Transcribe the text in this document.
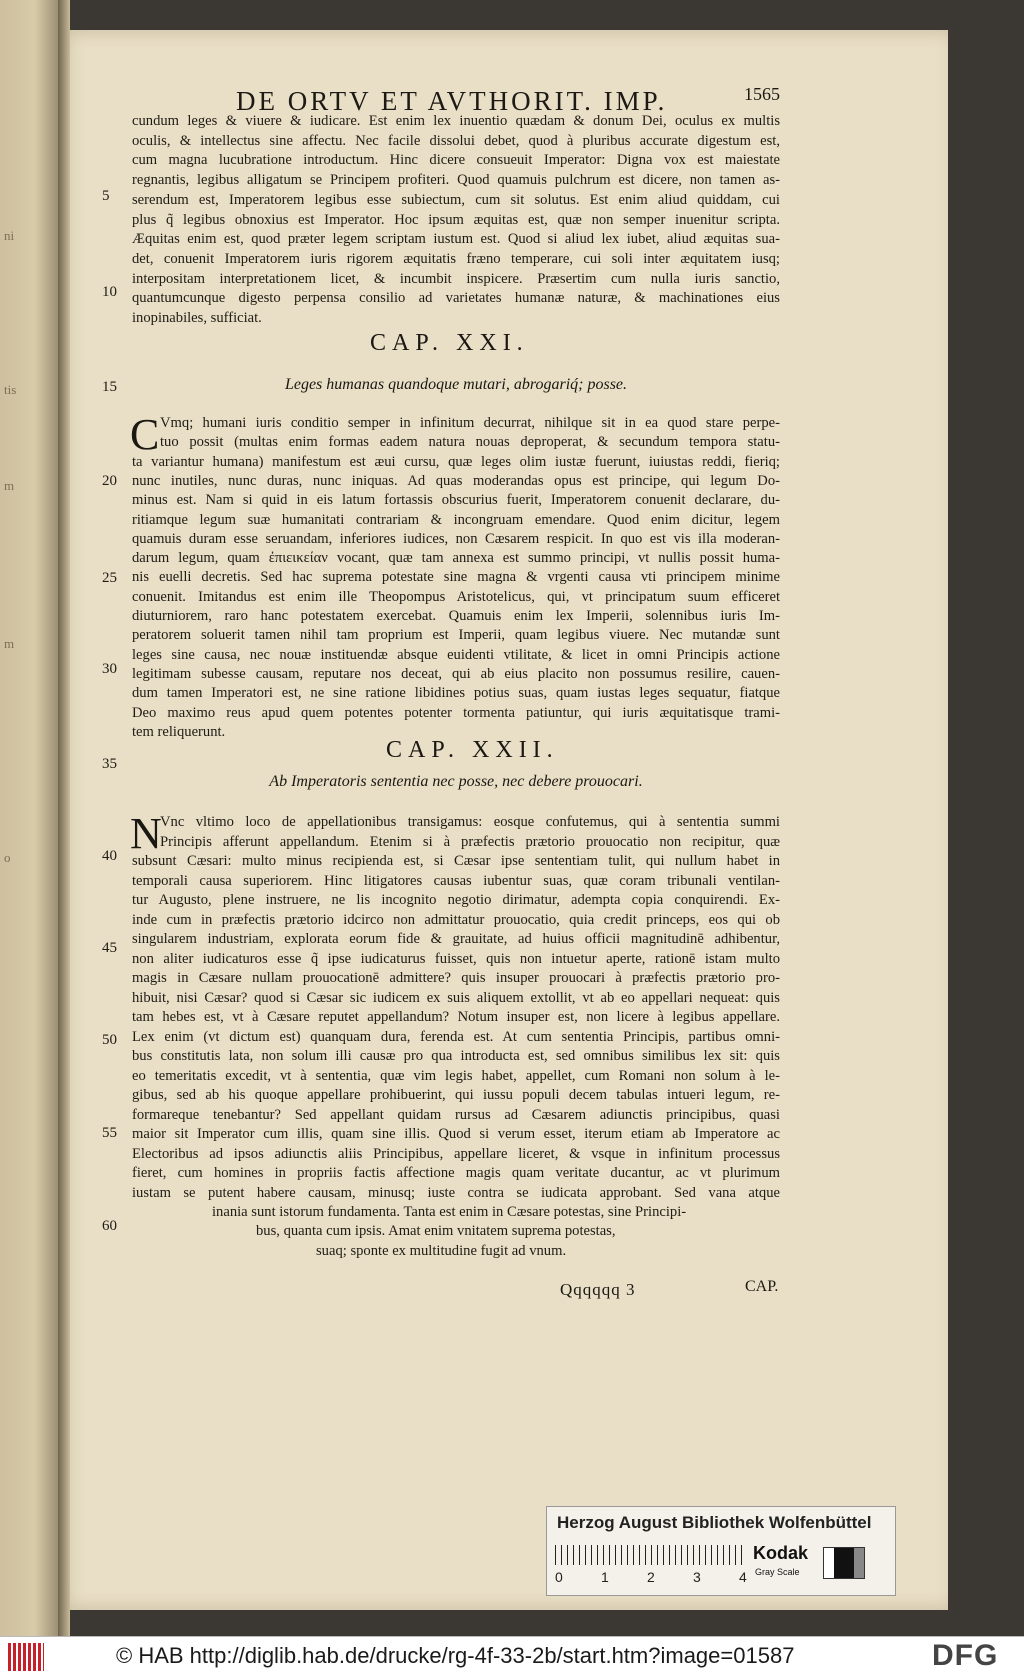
ni
tis
m
m
o
DE ORTV ET AVTHORIT. IMP.	1565
cundum leges & viuere & iudicare. Est enim lex inuentio quædam & donum Dei, oculus ex multis
oculis, & intellectus sine affectu. Nec facile dissolui debet, quod à pluribus accurate digestum est,
cum magna lucubratione introductum. Hinc dicere consueuit Imperator: Digna vox est maiestate
regnantis, legibus alligatum se Principem profiteri. Quod quamuis pulchrum est dicere, non tamen as-
serendum est, Imperatorem legibus esse subiectum, cum sit solutus. Est enim aliud quiddam, cui
plus q̃ legibus obnoxius est Imperator. Hoc ipsum æquitas est, quæ non semper inuenitur scripta.
Æquitas enim est, quod præter legem scriptam iustum est. Quod si aliud lex iubet, aliud æquitas sua-
det, conuenit Imperatorem iuris rigorem æquitatis fræno temperare, cui soli inter æquitatem iusq;
interpositam interpretationem licet, & incumbit inspicere. Præsertim cum nulla iuris sanctio,
quantumcunque digesto perpensa consilio ad varietates humanæ naturæ, & machinationes eius
inopinabiles, sufficiat.
CAP. XXI.
Leges humanas quandoque mutari, abrogariq́; posse.
C Vmq; humani iuris conditio semper in infinitum decurrat, nihilque sit in ea quod stare perpe-
tuo possit (multas enim formas eadem natura nouas deproperat, & secundum tempora statu-
ta variantur humana) manifestum est æui cursu, quæ leges olim iustæ fuerunt, iuiustas reddi, fieriq;
nunc inutiles, nunc duras, nunc iniquas. Ad quas moderandas opus est principe, qui legum Do-
minus est. Nam si quid in eis latum fortassis obscurius fuerit, Imperatorem conuenit declarare, du-
ritiamque legum suæ humanitati contrariam & incongruam emendare. Quod enim dicitur, legem
quamuis duram esse seruandam, inferiores iudices, non Cæsarem respicit. In quo est vis illa moderan-
darum legum, quam ἐπιεικείαν vocant, quæ tam annexa est summo principi, vt nullis possit huma-
nis euelli decretis. Sed hac suprema potestate sine magna & vrgenti causa vti principem minime
conuenit. Imitandus est enim ille Theopompus Aristotelicus, qui, vt principatum suum efficeret
diuturniorem, raro hanc potestatem exercebat. Quamuis enim lex Imperii, solennibus iuris Im-
peratorem soluerit tamen nihil tam proprium est Imperii, quam legibus viuere. Nec mutandæ sunt
leges sine causa, nec nouæ instituendæ absque euidenti vtilitate, & licet in omni Principis actione
legitimam subesse causam, reputare nos deceat, qui ab eius placito non possumus resilire, cauen-
dum tamen Imperatori est, ne sine ratione libidines potius suas, quam iustas leges sequatur, fiatque
Deo maximo reus apud quem potentes potenter tormenta patiuntur, qui iuris æquitatisque trami-
tem reliquerunt.
CAP. XXII.
Ab Imperatoris sententia nec posse, nec debere prouocari.
N
Vnc vltimo loco de appellationibus transigamus: eosque confutemus, qui à sententia summi
Principis afferunt appellandum. Etenim si à præfectis prætorio prouocatio non recipitur, quæ
subsunt Cæsari: multo minus recipienda est, si Cæsar ipse sententiam tulit, qui nullum habet in
temporali causa superiorem. Hinc litigatores causas iubentur suas, quæ coram tribunali ventilan-
tur Augusto, plene instruere, ne lis incognito negotio dirimatur, adempta copia conquirendi. Ex-
inde cum in præfectis prætorio idcirco non admittatur prouocatio, quia credit princeps, eos qui ob
singularem industriam, explorata eorum fide & grauitate, ad huius officii magnitudinē adhibentur,
non aliter iudicaturos esse q̃ ipse iudicaturus fuisset, quis non intuetur aperte, rationē istam multo
magis in Cæsare nullam prouocationē admittere? quis insuper prouocari à præfectis prætorio pro-
hibuit, nisi Cæsar? quod si Cæsar sic iudicem ex suis aliquem extollit, vt ab eo appellari nequeat: quis
tam hebes est, vt à Cæsare reputet appellandum? Notum insuper est, non licere à legibus appellare.
Lex enim (vt dictum est) quanquam dura, ferenda est. At cum sententia Principis, partibus omni-
bus constitutis lata, non solum illi causæ pro qua introducta est, sed omnibus similibus lex sit: quis
eo temeritatis excedit, vt à sententia, quæ vim legis habet, appellet, cum Romani non solum à le-
gibus, sed ab his quoque appellare prohibuerint, qui iussu populi decem tabulas intueri legum, re-
formareque tenebantur? Sed appellant quidam rursus ad Cæsarem adiunctis principibus, quasi
maior sit Imperator cum illis, quam sine illis. Quod si verum esset, iterum etiam ab Imperatore ac
Electoribus ad ipsos adiunctis aliis Principibus, appellare liceret, & vsque in infinitum processus
fieret, cum homines in propriis factis affectione magis quam veritate ducantur, ac vt plurimum
iustam se putent habere causam, minusq; iuste contra se iudicata approbant. Sed vana atque
inania sunt istorum fundamenta. Tanta est enim in Cæsare potestas, sine Principi-
bus, quanta cum ipsis. Amat enim vnitatem suprema potestas,
suaq; sponte ex multitudine fugit ad vnum.
5
10
15
20
25
30
35
40
45
50
55
60
Qqqqqq 3	CAP.
Herzog August Bibliothek Wolfenbüttel
0	1	2	3	4
Kodak
Gray Scale
© HAB http://diglib.hab.de/drucke/rg-4f-33-2b/start.htm?image=01587	DFG
